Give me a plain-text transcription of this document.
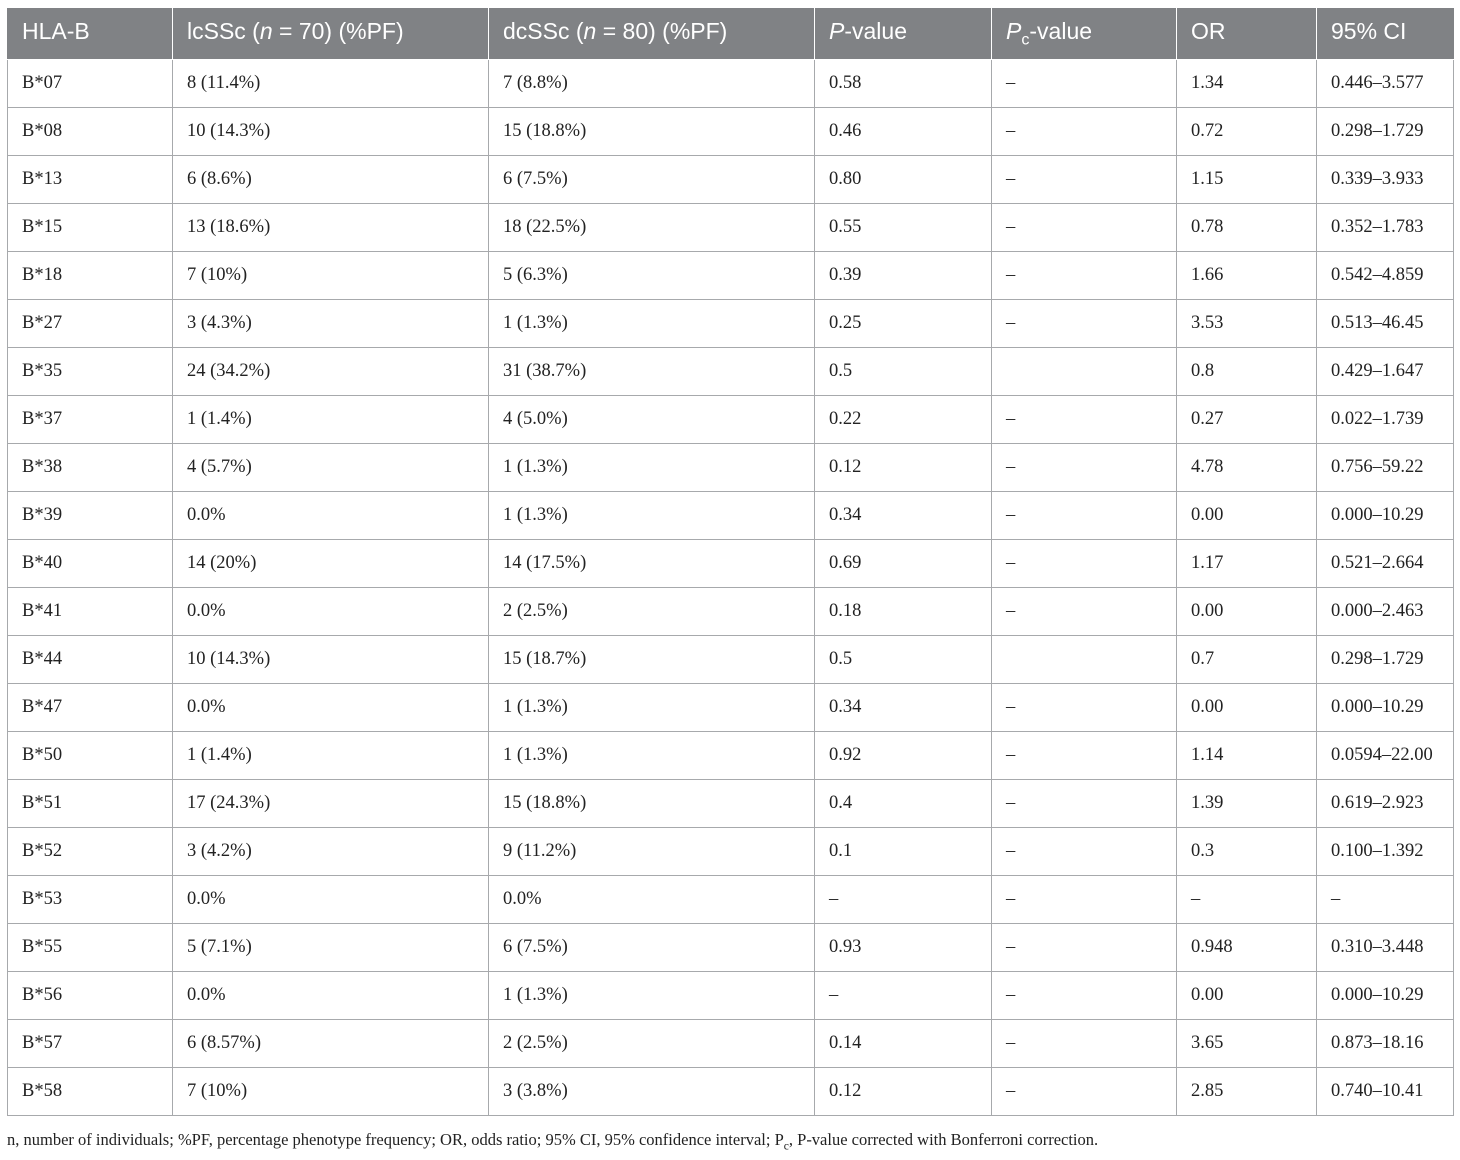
HLA-B	lcSSc (n = 70) (%PF)	dcSSc (n = 80) (%PF)	P-value	$P_c$-value	OR	95% CI
B*07	8 (11.4%)	7 (8.8%)	0.58	–	1.34	0.446–3.577
B*08	10 (14.3%)	15 (18.8%)	0.46	–	0.72	0.298–1.729
B*13	6 (8.6%)	6 (7.5%)	0.80	–	1.15	0.339–3.933
B*15	13 (18.6%)	18 (22.5%)	0.55	–	0.78	0.352–1.783
B*18	7 (10%)	5 (6.3%)	0.39	–	1.66	0.542–4.859
B*27	3 (4.3%)	1 (1.3%)	0.25	–	3.53	0.513–46.45
B*35	24 (34.2%)	31 (38.7%)	0.5		0.8	0.429–1.647
B*37	1 (1.4%)	4 (5.0%)	0.22	–	0.27	0.022–1.739
B*38	4 (5.7%)	1 (1.3%)	0.12	–	4.78	0.756–59.22
B*39	0.0%	1 (1.3%)	0.34	–	0.00	0.000–10.29
B*40	14 (20%)	14 (17.5%)	0.69	–	1.17	0.521–2.664
B*41	0.0%	2 (2.5%)	0.18	–	0.00	0.000–2.463
B*44	10 (14.3%)	15 (18.7%)	0.5		0.7	0.298–1.729
B*47	0.0%	1 (1.3%)	0.34	–	0.00	0.000–10.29
B*50	1 (1.4%)	1 (1.3%)	0.92	–	1.14	0.0594–22.00
B*51	17 (24.3%)	15 (18.8%)	0.4	–	1.39	0.619–2.923
B*52	3 (4.2%)	9 (11.2%)	0.1	–	0.3	0.100–1.392
B*53	0.0%	0.0%	–	–	–	–
B*55	5 (7.1%)	6 (7.5%)	0.93	–	0.948	0.310–3.448
B*56	0.0%	1 (1.3%)	–	–	0.00	0.000–10.29
B*57	6 (8.57%)	2 (2.5%)	0.14	–	3.65	0.873–18.16
B*58	7 (10%)	3 (3.8%)	0.12	–	2.85	0.740–10.41
n, number of individuals; %PF, percentage phenotype frequency; OR, odds ratio; 95% CI, 95% confidence interval; $P_c$, P-value corrected with Bonferroni correction.
